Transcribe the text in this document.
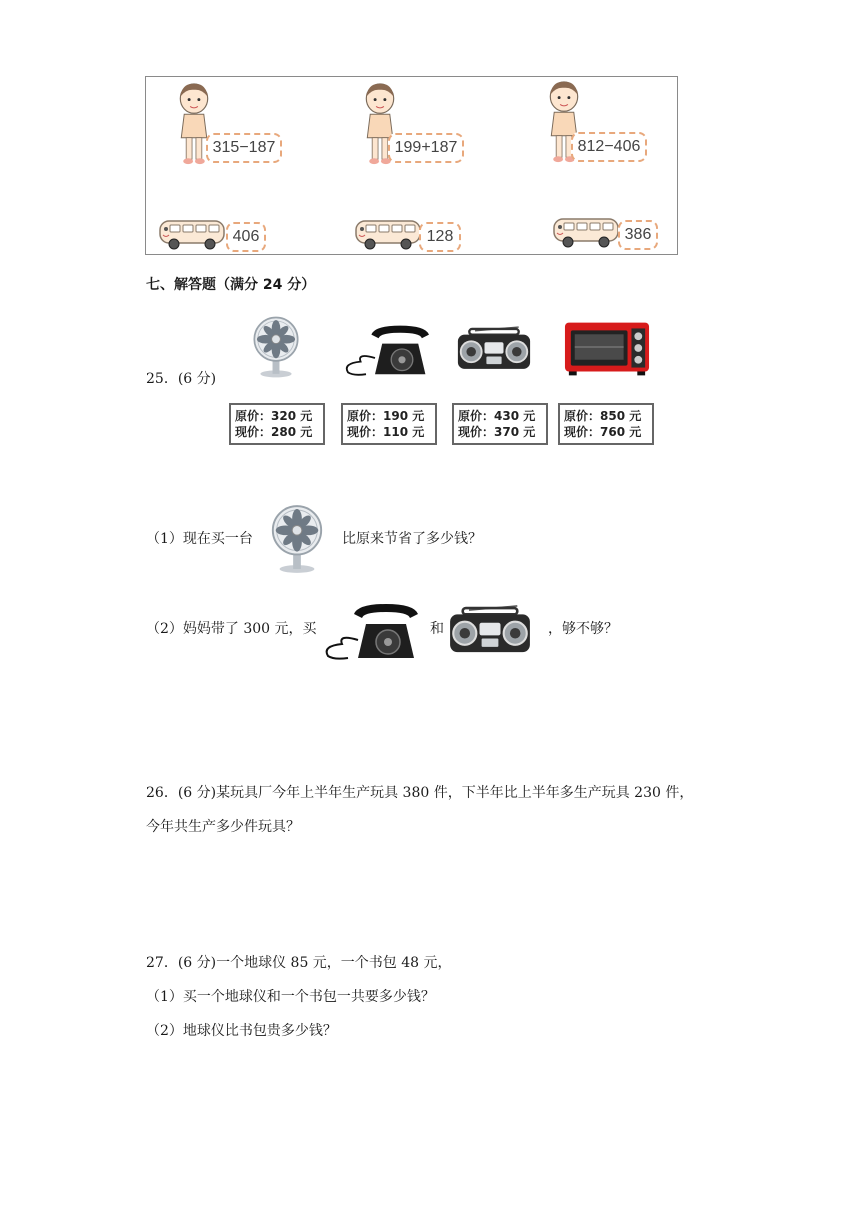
315−187	199+187	812−406
406	128	386
七、解答题（满分 24 分）
25．(6 分)
原价：320 元
现价：280 元
原价：190 元
现价：110 元
原价：430 元
现价：370 元
原价：850 元
现价：760 元
（1）现在买一台	比原来节省了多少钱？
（2）妈妈带了 300 元，买	和	，够不够？
26．(6 分)某玩具厂今年上半年生产玩具 380 件，下半年比上半年多生产玩具 230 件，
今年共生产多少件玩具？
27．(6 分)一个地球仪 85 元，一个书包 48 元，
（1）买一个地球仪和一个书包一共要多少钱？
（2）地球仪比书包贵多少钱？
